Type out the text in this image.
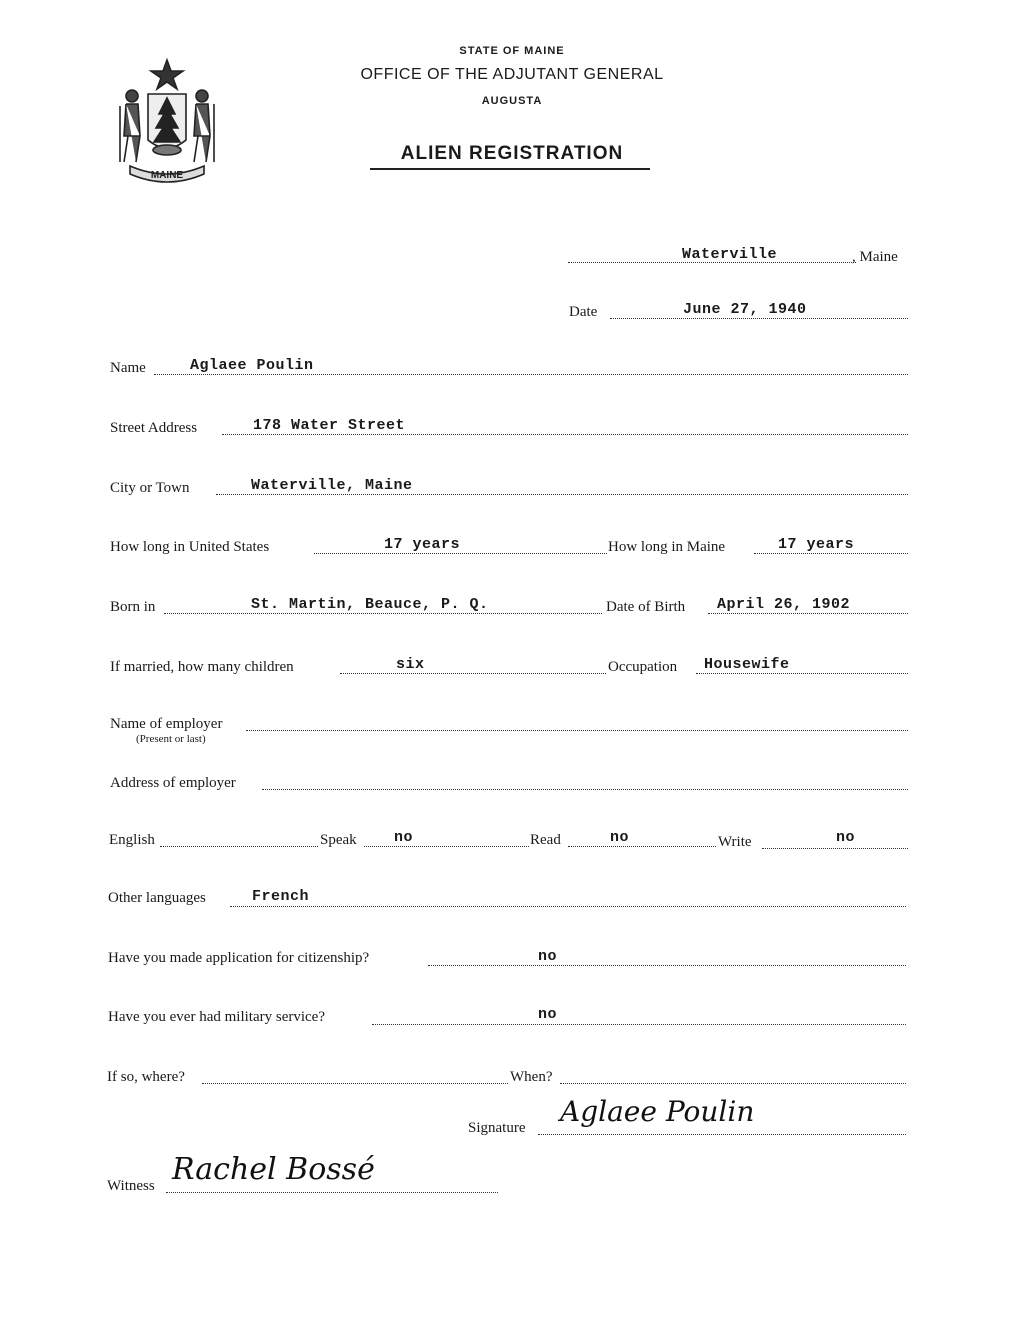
MAINE
STATE OF MAINE
OFFICE OF THE ADJUTANT GENERAL
AUGUSTA
ALIEN REGISTRATION
Waterville	, Maine
Date	June 27, 1940
Name	Aglaee Poulin
Street Address	178 Water Street
City or Town	Waterville, Maine
How long in United States	17 years	How long in Maine	17 years
Born in	St. Martin, Beauce, P. Q.	Date of Birth April 26, 1902
If married, how many children	six	Occupation Housewife
Name of employer
(Present or last)
Address of employer
English	Speak no	Read	no	Write	no
Other languages	French
Have you made application for citizenship?	no
Have you ever had military service?	no
If so, where?	When?
Signature Aglaee Poulin
Witness Rachel Bossé
